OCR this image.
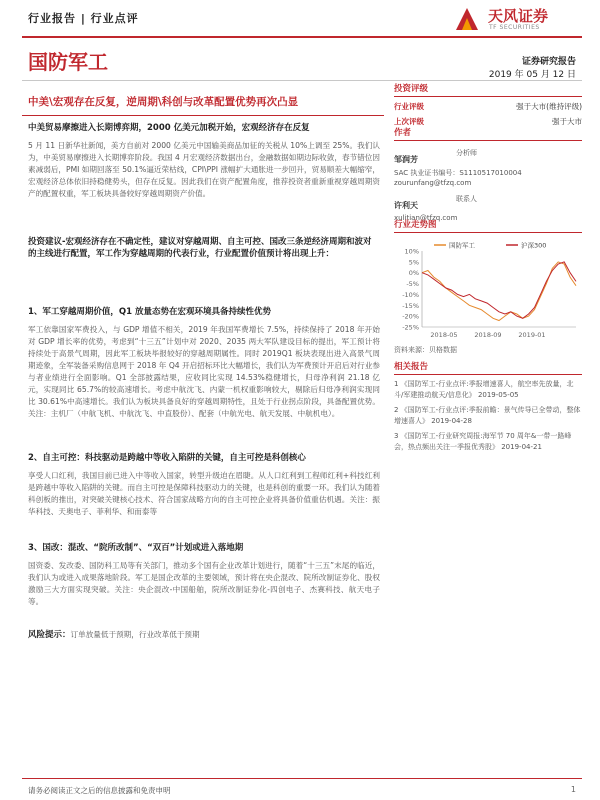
行业报告 | 行业点评	天风证券
TF SECURITIES
国防军工	证券研究报告
2019 年 05 月 12 日
中美\宏观存在反复，逆周期\科创与改革配置优势再次凸显
中美贸易摩擦进入长期博弈期，2000 亿美元加税开始，宏观经济存在反复
5 月 11 日新华社新闻，美方自前对 2000 亿美元中国输美商品加征的关税从 10%上调至 25%。我们认为，中美贸易摩擦进入长期博弈阶段。我国 4 月宏观经济数据出台，金融数据如期边际收敛，春节错位因素减弱后，PMI 如期回落至 50.1%逼近荣枯线，CPI\PPI 涨幅扩大通胀进一步回升，贸易顺差大幅缩窄，宏观经济总体依旧持稳健势头，但存在反复。因此我们在资产配置角度，推荐投资者重新重视穿越周期资产的配置权重，军工板块具备较好穿越周期资产价值。
投资建议-宏观经济存在不确定性，建议对穿越周期、自主可控、国改三条逆经济周期和波对的主线进行配置，军工作为穿越周期的代表行业，行业配置价值预计将出现上升：
1、军工穿越周期价值，Q1 放量态势在宏观环境具备持续性优势
军工依靠国家军费投入，与 GDP 增值不相关，2019 年我国军费增长 7.5%，持续保持了 2018 年开始对 GDP 增长率的优势，考虑到“十三五”计划中对 2020、2035 两大军队建设目标的提出，军工预计将持续处于高景气周期，因此军工板块毕报较好的穿越周期属性。同时 2019Q1 板块表现出进入高景气周期迹象，全军装备采购信息网于 2018 年 Q4 开启招标环比大幅增长，我们认为军费预计开启后对行业参与者业绩进行全面影响。Q1 全部披露结果，应收同比实现 14.53%稳健增长，归母净利润 21.18 亿元，实现同比 65.7%的较高速增长。考虑中航沈飞、内蒙一机权重影响较大，剔除后归母净利润实现同比 30.61%中高速增长。我们认为板块具备良好的穿越周期特性，且处于行业拐点阶段，具备配置优势。关注：主机厂（中航飞机、中航沈飞、中直股份）、配套（中航光电、航天发展、中航机电）。
2、自主可控：科技驱动是跨越中等收入陷阱的关键，自主可控是科创核心
享受人口红利，我国目前已进入中等收入国家，转型升级迫在眉睫。从人口红利到工程师红利+科技红利是跨越中等收入陷阱的关键。而自主可控是保障科技驱动力的关键，也是科创的重要一环。我们认为随着科创板的推出，对突破关键核心技术、符合国家战略方向的自主可控企业将具备价值重估机遇。关注：振华科技、天奥电子、菲利华、和而泰等
3、国改：混改、“院所改制”、“双百”计划或进入落地期
国资委、发改委、国防科工局等有关部门，推动多个国有企业改革计划进行，随着“十三五”末尾的临近，我们认为或进入成果落地阶段。军工是国企改革的主要领域，预计将在央企混改、院所改制证券化、股权激励三大方面实现突破。关注：央企混改-中国船舶，院所改制证券化-四创电子、杰赛科技、航天电子等。
风险提示：订单放量低于预期，行业改革低于预期
投资评级
行业评级	强于大市(维持评级)
上次评级	强于大市
作者
邹润芳
分析师
SAC 执业证书编号：S1110517010004
zourunfang@tfzq.com
许利天
联系人
xulitian@tfzq.com
行业走势图
10%
5%
0%
-5%
-10%
-15%
-20%
-25%
2018-05	2018-09	2019-01
国防军工	沪深300
资料来源：贝格数据
相关报告
1 《国防军工-行业点评:季报增速喜人，航空率先放量，北斗/军建推动航天/信息化》 2019-05-05
2 《国防军工-行业点评:季报前瞻：景气传导已全带动，整体增速喜人》 2019-04-28
3 《国防军工-行业研究周报:海军节 70 周年&一带一路峰会，热点频出关注一季报优秀股》 2019-04-21
请务必阅读正文之后的信息披露和免责申明	1
